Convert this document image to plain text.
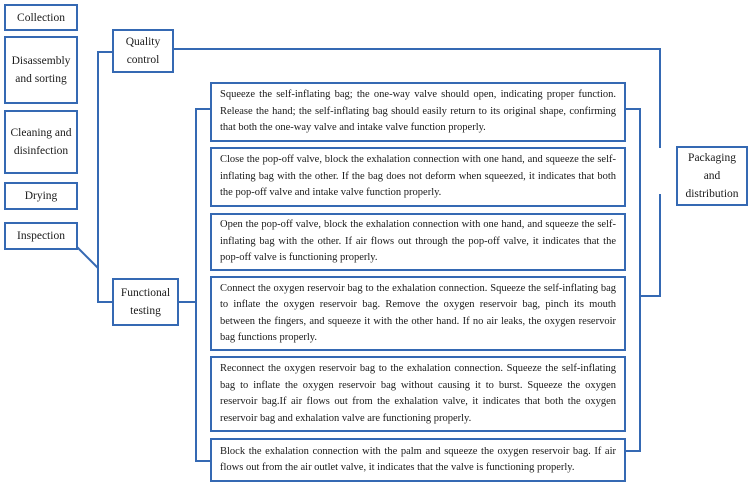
Collection
Disassembly and sorting
Cleaning and disinfection
Drying
Inspection
Quality control
Functional testing
Squeeze the self-inflating bag; the one-way valve should open, indicating proper function. Release the hand; the self-inflating bag should easily return to its original shape, confirming that both the one-way valve and intake valve function properly.
Close the pop-off valve, block the exhalation connection with one hand, and squeeze the self-inflating bag with the other. If the bag does not deform when squeezed, it indicates that both the pop-off valve and intake valve function properly.
Open the pop-off valve, block the exhalation connection with one hand, and squeeze the self-inflating bag with the other. If air flows out through the pop-off valve, it indicates that the pop-off valve is functioning properly.
Connect the oxygen reservoir bag to the exhalation connection. Squeeze the self-inflating bag to inflate the oxygen reservoir bag. Remove the oxygen reservoir bag, pinch its mouth between the fingers, and squeeze it with the other hand. If no air leaks, the oxygen reservoir bag functions properly.
Reconnect the oxygen reservoir bag to the exhalation connection. Squeeze the self-inflating bag to inflate the oxygen reservoir bag without causing it to burst. Squeeze the oxygen reservoir bag.If air flows out from the exhalation valve, it indicates that both the oxygen reservoir bag and exhalation valve are functioning properly.
Block the exhalation connection with the palm and squeeze the oxygen reservoir bag. If air flows out from the air outlet valve, it indicates that the valve is functioning properly.
Packaging and distribution
